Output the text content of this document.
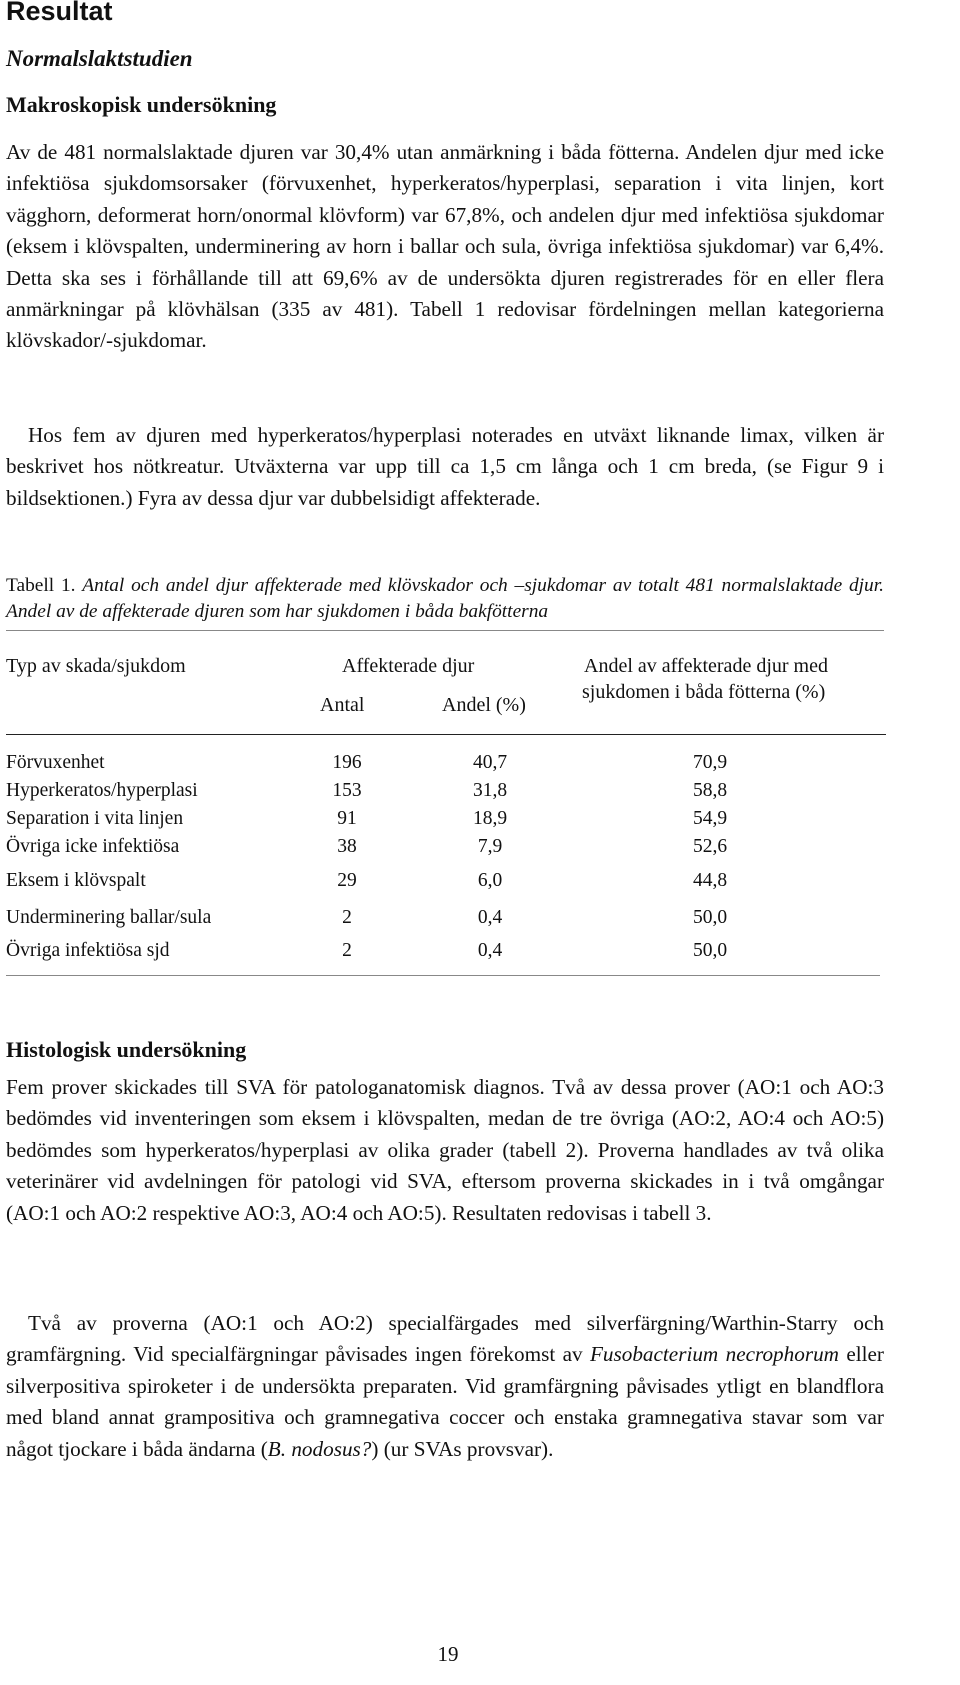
Resultat
Normalslaktstudien
Makroskopisk undersökning

Av de 481 normalslaktade djuren var 30,4% utan anmärkning i båda fötterna. Andelen djur med icke infektiösa sjukdomsorsaker (förvuxenhet, hyperkeratos/hyperplasi, separation i vita linjen, kort vägghorn, deformerat horn/onormal klövform) var 67,8%, och andelen djur med infektiösa sjukdomar (eksem i klövspalten, underminering av horn i ballar och sula, övriga infektiösa sjukdomar) var 6,4%. Detta ska ses i förhållande till att 69,6% av de undersökta djuren registrerades för en eller flera anmärkningar på klövhälsan (335 av 481). Tabell 1 redovisar fördelningen mellan kategorierna klövskador/-sjukdomar.

Hos fem av djuren med hyperkeratos/hyperplasi noterades en utväxt liknande limax, vilken är beskrivet hos nötkreatur. Utväxterna var upp till ca 1,5 cm långa och 1 cm breda, (se Figur 9 i bildsektionen.) Fyra av dessa djur var dubbelsidigt affekterade.

Tabell 1. Antal och andel djur affekterade med klövskador och –sjukdomar av totalt 481 normalslaktade djur. Andel av de affekterade djuren som har sjukdomen i båda bakfötterna

Typ av skada/sjukdom	Affekterade djur
Antal	Andel (%)
Andel av affekterade djur med
sjukdomen i båda fötterna (%)
Förvuxenhet	196	40,7	70,9
Hyperkeratos/hyperplasi	153	31,8	58,8
Separation i vita linjen	91	18,9	54,9
Övriga icke infektiösa	38	7,9	52,6
Eksem i klövspalt	29	6,0	44,8
Underminering ballar/sula	2	0,4	50,0
Övriga infektiösa sjd	2	0,4	50,0
Histologisk undersökning

Fem prover skickades till SVA för patologanatomisk diagnos. Två av dessa prover (AO:1 och AO:3 bedömdes vid inventeringen som eksem i klövspalten, medan de tre övriga (AO:2, AO:4 och AO:5) bedömdes som hyperkeratos/hyperplasi av olika grader (tabell 2). Proverna handlades av två olika veterinärer vid avdelningen för patologi vid SVA, eftersom proverna skickades in i två omgångar (AO:1 och AO:2 respektive AO:3, AO:4 och AO:5). Resultaten redovisas i tabell 3.

Två av proverna (AO:1 och AO:2) specialfärgades med silverfärgning/Warthin-Starry och gramfärgning. Vid specialfärgningar påvisades ingen förekomst av Fusobacterium necrophorum eller silverpositiva spiroketer i de undersökta preparaten. Vid gramfärgning påvisades ytligt en blandflora med bland annat grampositiva och gramnegativa coccer och enstaka gramnegativa stavar som var något tjockare i båda ändarna (B. nodosus?) (ur SVAs provsvar).

19
